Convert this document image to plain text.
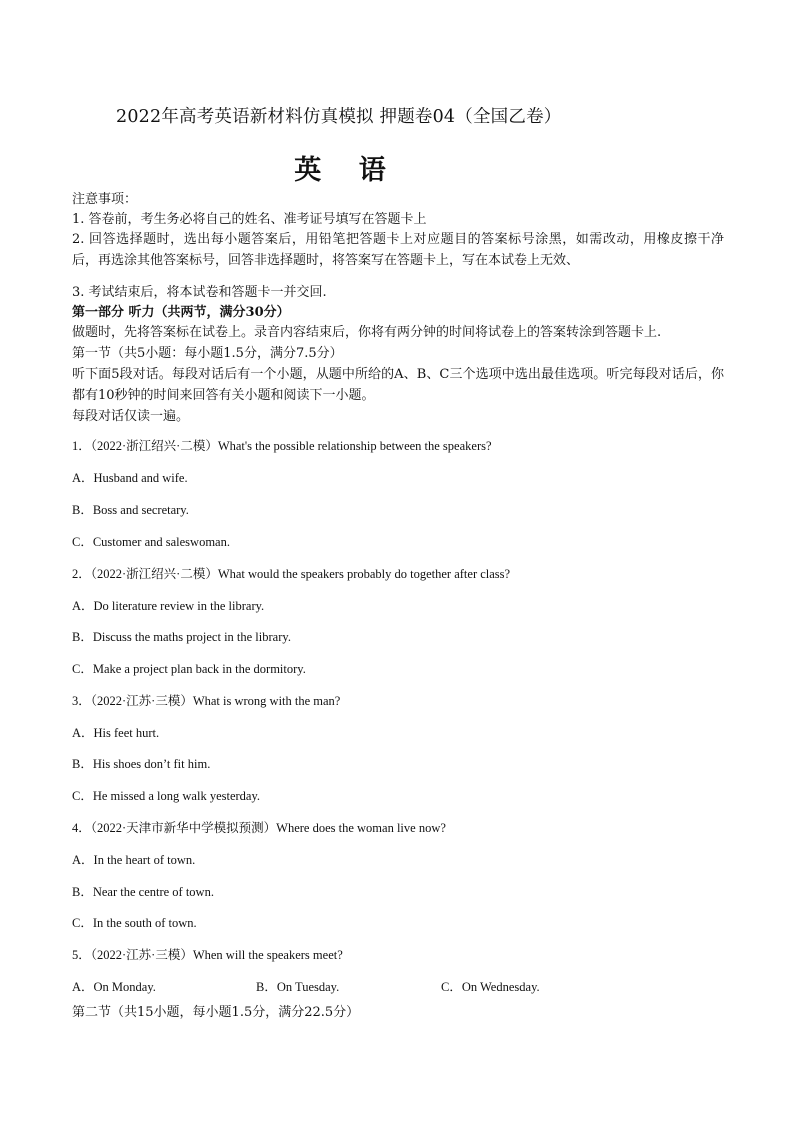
2022年高考英语新材料仿真模拟 押题卷04（全国乙卷）
英 语
注意事项：
1. 答卷前，考生务必将自己的姓名、准考证号填写在答题卡上
2. 回答选择题时，选出每小题答案后，用铅笔把答题卡上对应题目的答案标号涂黑，如需改动，用橡皮擦干净后，再选涂其他答案标号，回答非选择题时，将答案写在答题卡上，写在本试卷上无效、
3. 考试结束后，将本试卷和答题卡一并交回.
第一部分 听力（共两节，满分30分）
做题时，先将答案标在试卷上。录音内容结束后，你将有两分钟的时间将试卷上的答案转涂到答题卡上.
第一节（共5小题：每小题1.5分，满分7.5分）
听下面5段对话。每段对话后有一个小题，从题中所给的A、B、C三个选项中选出最佳选项。听完每段对话后，你都有10秒钟的时间来回答有关小题和阅读下一小题。
每段对话仅读一遍。
1．（2022·浙江绍兴·二模）What's the possible relationship between the speakers?
A．Husband and wife.
B．Boss and secretary.
C．Customer and saleswoman.
2．（2022·浙江绍兴·二模）What would the speakers probably do together after class?
A．Do literature review in the library.
B．Discuss the maths project in the library.
C．Make a project plan back in the dormitory.
3．（2022·江苏·三模）What is wrong with the man?
A．His feet hurt.
B．His shoes don’t fit him.
C．He missed a long walk yesterday.
4．（2022·天津市新华中学模拟预测）Where does the woman live now?
A．In the heart of town.
B．Near the centre of town.
C．In the south of town.
5．（2022·江苏·三模）When will the speakers meet?
A．On Monday.	B．On Tuesday.	C．On Wednesday.
第二节（共15小题，每小题1.5分，满分22.5分）
